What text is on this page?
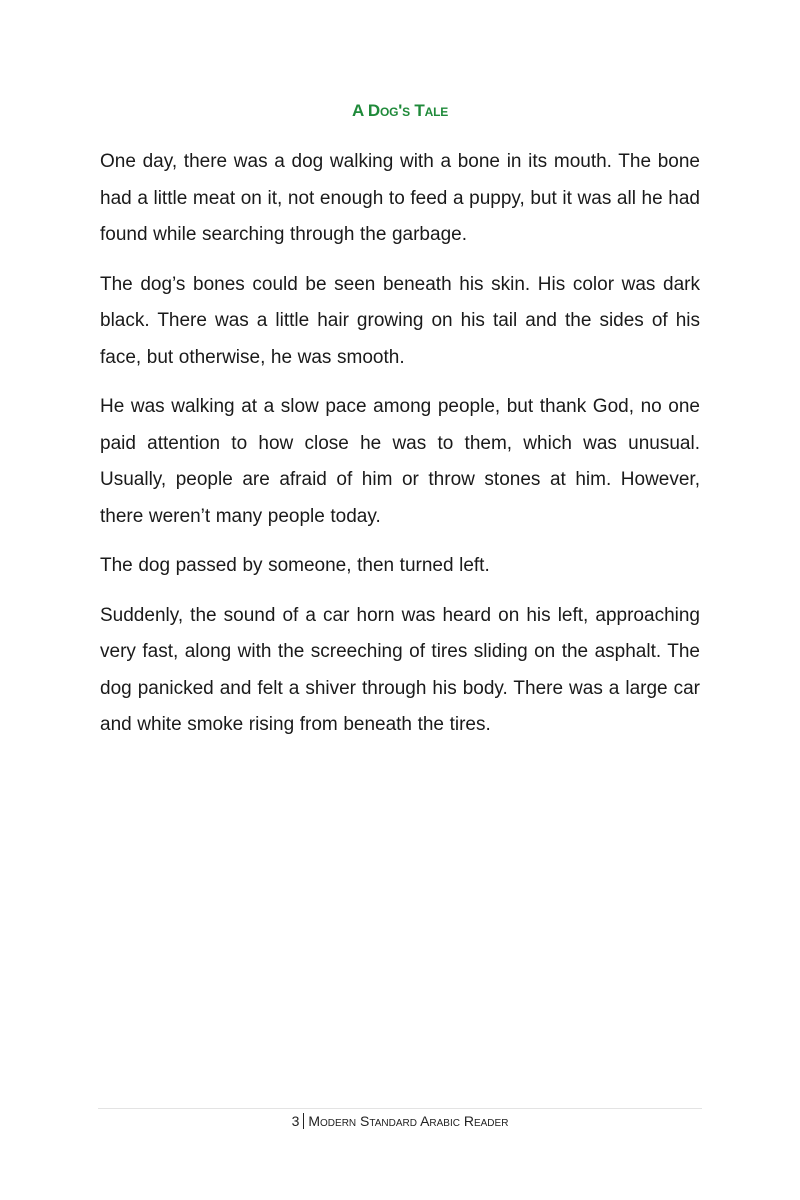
A Dog's Tale

One day, there was a dog walking with a bone in its mouth. The bone had a little meat on it, not enough to feed a puppy, but it was all he had found while searching through the garbage.

The dog’s bones could be seen beneath his skin. His color was dark black. There was a little hair growing on his tail and the sides of his face, but otherwise, he was smooth.

He was walking at a slow pace among people, but thank God, no one paid attention to how close he was to them, which was unusual. Usually, people are afraid of him or throw stones at him. However, there weren’t many people today.

The dog passed by someone, then turned left.

Suddenly, the sound of a car horn was heard on his left, approaching very fast, along with the screeching of tires sliding on the asphalt. The dog panicked and felt a shiver through his body. There was a large car and white smoke rising from beneath the tires.

3 Modern Standard Arabic Reader
